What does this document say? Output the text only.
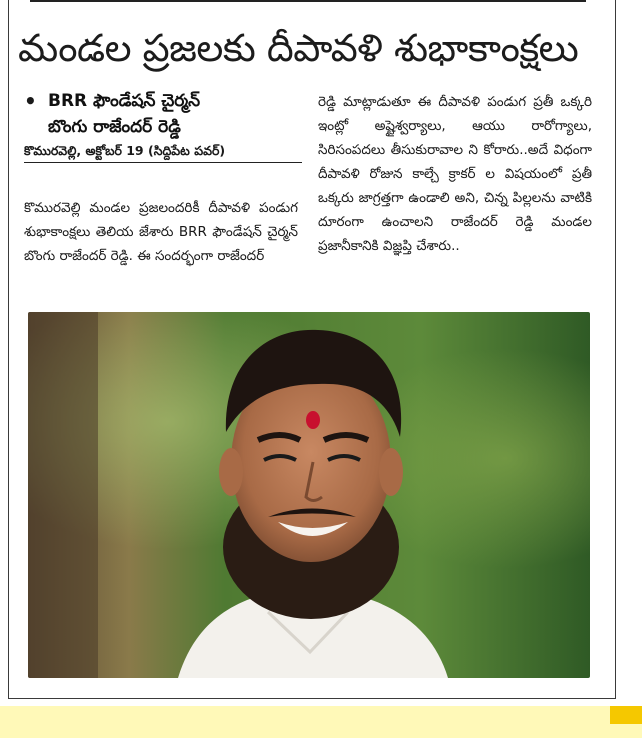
మండల ప్రజలకు దీపావళి శుభాకాంక్షలు
• BRR ఫౌండేషన్ చైర్మన్
బొంగు రాజేందర్ రెడ్డి
కొమురవెల్లి, అక్టోబర్ 19 (సిద్దిపేట పవర్)
కొమురవెల్లి మండల ప్రజలందరికీ దీపావళి పండుగ శుభాకాంక్షలు తెలియ జేశారు BRR ఫౌండేషన్ చైర్మన్ బొంగు రాజేందర్ రెడ్డి. ఈ సందర్భంగా రాజేందర్
రెడ్డి మాట్లాడుతూ ఈ దీపావళి పండుగ ప్రతీ ఒక్కరి ఇంట్లో అష్టైశ్వర్యాలు, ఆయు రారోగ్యాలు, సిరిసంపదలు తీసుకురావాల ని కోరారు..అదే విధంగా దీపావళి రోజున కాల్చే క్రాకర్ ల విషయంలో ప్రతీ ఒక్కరు జాగ్రత్తగా ఉండాలి అని, చిన్న పిల్లలను వాటికి దూరంగా ఉంచాలని రాజేందర్ రెడ్డి మండల ప్రజానీకానికి విజ్ఞప్తి చేశారు..
